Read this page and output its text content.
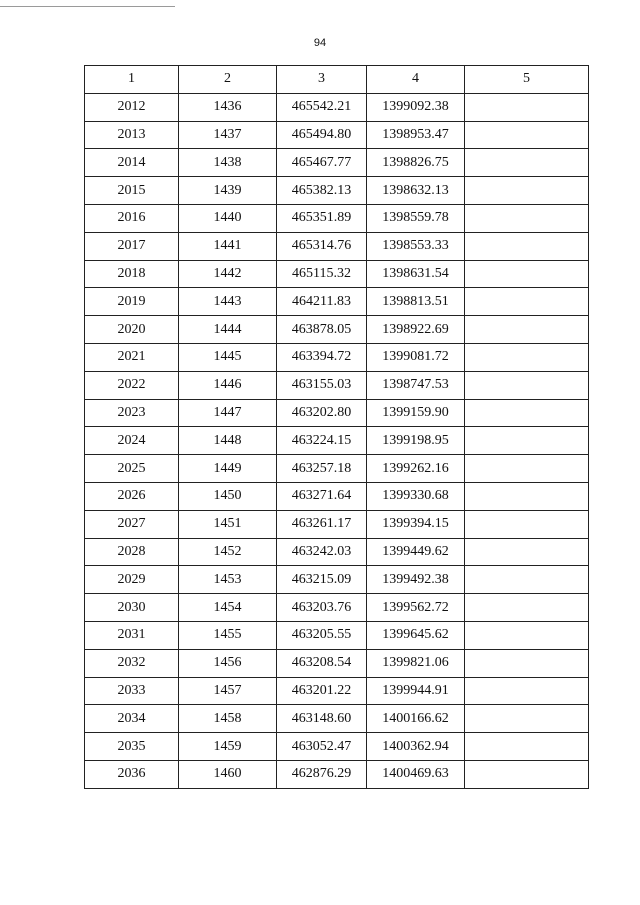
94
1	2	3	4	5
2012	1436	465542.21	1399092.38	
2013	1437	465494.80	1398953.47	
2014	1438	465467.77	1398826.75	
2015	1439	465382.13	1398632.13	
2016	1440	465351.89	1398559.78	
2017	1441	465314.76	1398553.33	
2018	1442	465115.32	1398631.54	
2019	1443	464211.83	1398813.51	
2020	1444	463878.05	1398922.69	
2021	1445	463394.72	1399081.72	
2022	1446	463155.03	1398747.53	
2023	1447	463202.80	1399159.90	
2024	1448	463224.15	1399198.95	
2025	1449	463257.18	1399262.16	
2026	1450	463271.64	1399330.68	
2027	1451	463261.17	1399394.15	
2028	1452	463242.03	1399449.62	
2029	1453	463215.09	1399492.38	
2030	1454	463203.76	1399562.72	
2031	1455	463205.55	1399645.62	
2032	1456	463208.54	1399821.06	
2033	1457	463201.22	1399944.91	
2034	1458	463148.60	1400166.62	
2035	1459	463052.47	1400362.94	
2036	1460	462876.29	1400469.63	
